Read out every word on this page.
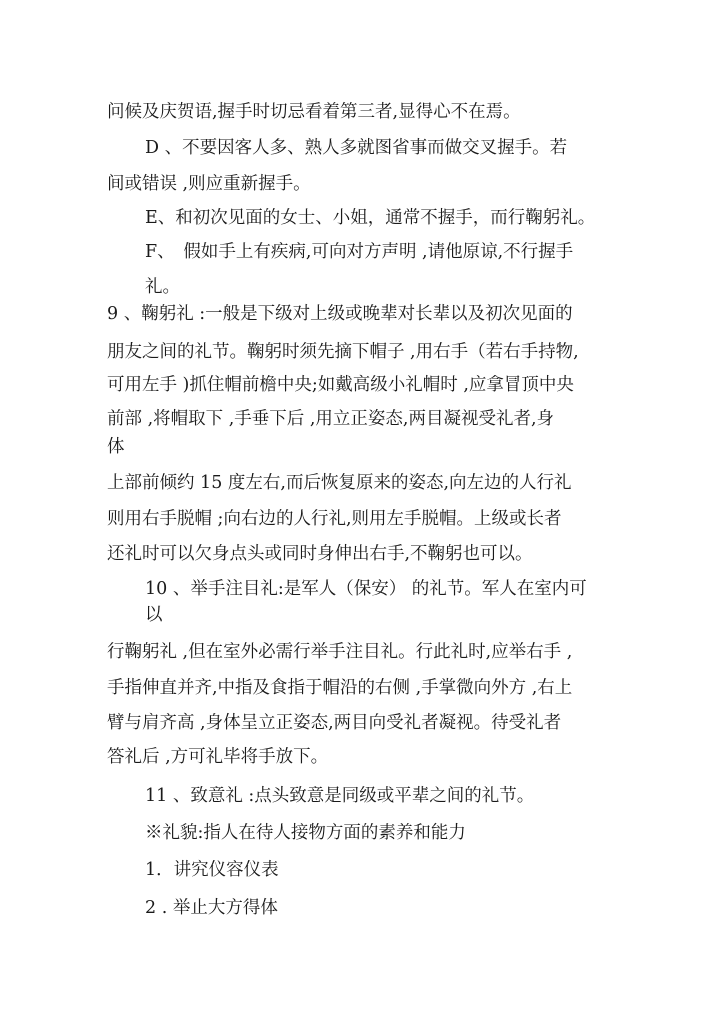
问候及庆贺语,握手时切忌看着第三者,显得心不在焉。
D 、不要因客人多、熟人多就图省事而做交叉握手。若
间或错误 ,则应重新握手。
E、和初次见面的女士、小姐，通常不握手，而行鞠躬礼。
F、　假如手上有疾病,可向对方声明 ,请他原谅,不行握手
礼。
9 、鞠躬礼 :一般是下级对上级或晚辈对长辈以及初次见面的
朋友之间的礼节。鞠躬时须先摘下帽子 ,用右手（若右手持物,
可用左手 )抓住帽前檐中央;如戴高级小礼帽时 ,应拿冒顶中央
前部 ,将帽取下 ,手垂下后 ,用立正姿态,两目凝视受礼者,身
体
上部前倾约 15 度左右,而后恢复原来的姿态,向左边的人行礼
则用右手脱帽 ;向右边的人行礼,则用左手脱帽。上级或长者
还礼时可以欠身点头或同时身伸出右手,不鞠躬也可以。
10 、举手注目礼:是军人（保安） 的礼节。军人在室内可
以
行鞠躬礼 ,但在室外必需行举手注目礼。行此礼时,应举右手 ,
手指伸直并齐,中指及食指于帽沿的右侧 ,手掌微向外方 ,右上
臂与肩齐高 ,身体呈立正姿态,两目向受礼者凝视。待受礼者
答礼后 ,方可礼毕将手放下。
11 、致意礼 :点头致意是同级或平辈之间的礼节。
※礼貌:指人在待人接物方面的素养和能力
1．讲究仪容仪表
2 . 举止大方得体
